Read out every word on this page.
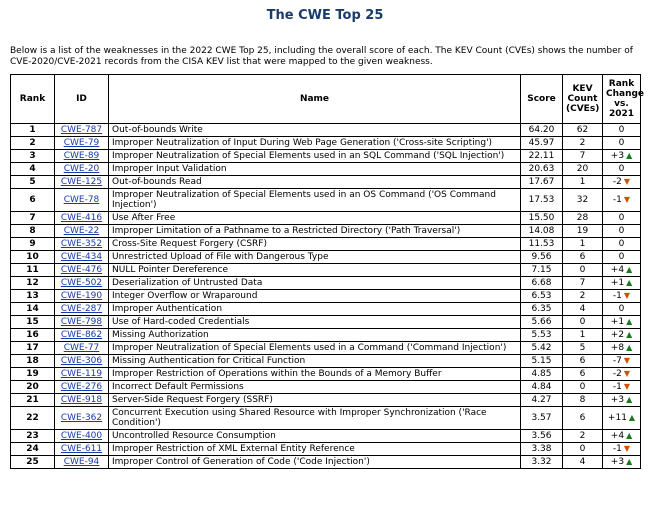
The CWE Top 25

Below is a list of the weaknesses in the 2022 CWE Top 25, including the overall score of each. The KEV Count (CVEs) shows the number of CVE-2020/CVE-2021 records from the CISA KEV list that were mapped to the given weakness.

Rank	ID	Name	Score	KEV Count (CVEs)	Rank Change vs. 2021
1	CWE-787	Out-of-bounds Write	64.20	62	0
2	CWE-79	Improper Neutralization of Input During Web Page Generation ('Cross-site Scripting')	45.97	2	0
3	CWE-89	Improper Neutralization of Special Elements used in an SQL Command ('SQL Injection')	22.11	7	+3 ▲
4	CWE-20	Improper Input Validation	20.63	20	0
5	CWE-125	Out-of-bounds Read	17.67	1	-2 ▼
6	CWE-78	Improper Neutralization of Special Elements used in an OS Command ('OS Command Injection')	17.53	32	-1 ▼
7	CWE-416	Use After Free	15.50	28	0
8	CWE-22	Improper Limitation of a Pathname to a Restricted Directory ('Path Traversal')	14.08	19	0
9	CWE-352	Cross-Site Request Forgery (CSRF)	11.53	1	0
10	CWE-434	Unrestricted Upload of File with Dangerous Type	9.56	6	0
11	CWE-476	NULL Pointer Dereference	7.15	0	+4 ▲
12	CWE-502	Deserialization of Untrusted Data	6.68	7	+1 ▲
13	CWE-190	Integer Overflow or Wraparound	6.53	2	-1 ▼
14	CWE-287	Improper Authentication	6.35	4	0
15	CWE-798	Use of Hard-coded Credentials	5.66	0	+1 ▲
16	CWE-862	Missing Authorization	5.53	1	+2 ▲
17	CWE-77	Improper Neutralization of Special Elements used in a Command ('Command Injection')	5.42	5	+8 ▲
18	CWE-306	Missing Authentication for Critical Function	5.15	6	-7 ▼
19	CWE-119	Improper Restriction of Operations within the Bounds of a Memory Buffer	4.85	6	-2 ▼
20	CWE-276	Incorrect Default Permissions	4.84	0	-1 ▼
21	CWE-918	Server-Side Request Forgery (SSRF)	4.27	8	+3 ▲
22	CWE-362	Concurrent Execution using Shared Resource with Improper Synchronization ('Race Condition')	3.57	6	+11 ▲
23	CWE-400	Uncontrolled Resource Consumption	3.56	2	+4 ▲
24	CWE-611	Improper Restriction of XML External Entity Reference	3.38	0	-1 ▼
25	CWE-94	Improper Control of Generation of Code ('Code Injection')	3.32	4	+3 ▲
